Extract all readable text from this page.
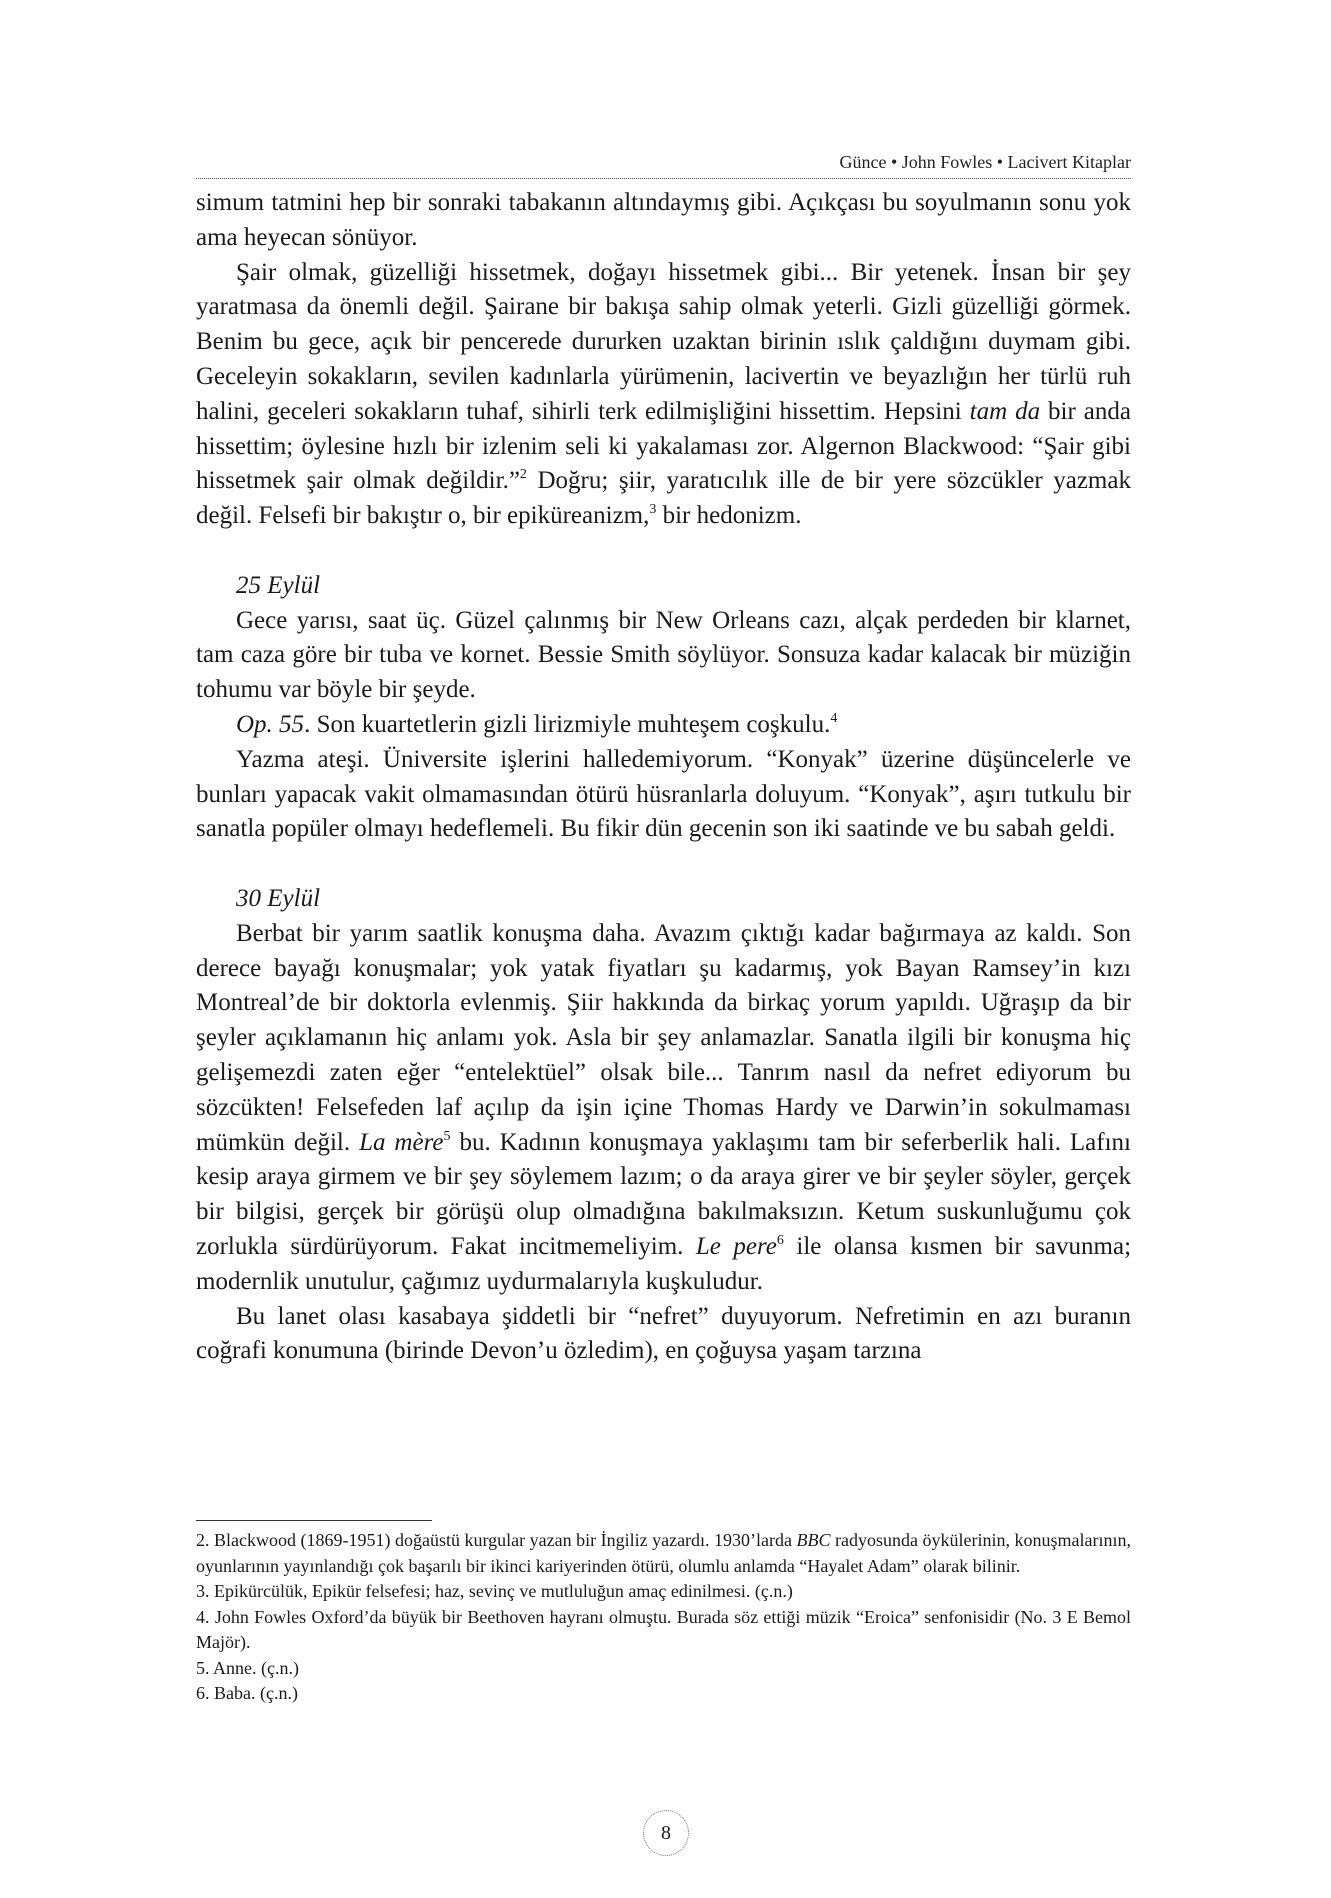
Günce • John Fowles • Lacivert Kitaplar

simum tatmini hep bir sonraki tabakanın altındaymış gibi. Açıkçası bu soyulmanın sonu yok ama heyecan sönüyor.

Şair olmak, güzelliği hissetmek, doğayı hissetmek gibi... Bir yetenek. İnsan bir şey yaratmasa da önemli değil. Şairane bir bakışa sahip olmak yeterli. Gizli güzelliği görmek. Benim bu gece, açık bir pencerede dururken uzaktan birinin ıslık çaldığını duymam gibi. Geceleyin sokakların, sevilen kadınlarla yürümenin, lacivertin ve beyazlığın her türlü ruh halini, geceleri sokakların tuhaf, sihirli terk edilmişliğini hissettim. Hepsini tam da bir anda hissettim; öylesine hızlı bir izlenim seli ki yakalaması zor. Algernon Blackwood: “Şair gibi hissetmek şair olmak değildir.”$^2$ Doğru; şiir, yaratıcılık ille de bir yere sözcükler yazmak değil. Felsefi bir bakıştır o, bir epiküreanizm,$^3$ bir hedonizm.

25 Eylül

Gece yarısı, saat üç. Güzel çalınmış bir New Orleans cazı, alçak perdeden bir klarnet, tam caza göre bir tuba ve kornet. Bessie Smith söylüyor. Sonsuza kadar kalacak bir müziğin tohumu var böyle bir şeyde.

Op. 55. Son kuartetlerin gizli lirizmiyle muhteşem coşkulu.$^4$

Yazma ateşi. Üniversite işlerini halledemiyorum. “Konyak” üzerine düşüncelerle ve bunları yapacak vakit olmamasından ötürü hüsranlarla doluyum. “Konyak”, aşırı tutkulu bir sanatla popüler olmayı hedeflemeli. Bu fikir dün gecenin son iki saatinde ve bu sabah geldi.

30 Eylül

Berbat bir yarım saatlik konuşma daha. Avazım çıktığı kadar bağırmaya az kaldı. Son derece bayağı konuşmalar; yok yatak fiyatları şu kadarmış, yok Bayan Ramsey’in kızı Montreal’de bir doktorla evlenmiş. Şiir hakkında da birkaç yorum yapıldı. Uğraşıp da bir şeyler açıklamanın hiç anlamı yok. Asla bir şey anlamazlar. Sanatla ilgili bir konuşma hiç gelişemezdi zaten eğer “entelektüel” olsak bile... Tanrım nasıl da nefret ediyorum bu sözcükten! Felsefeden laf açılıp da işin içine Thomas Hardy ve Darwin’in sokulmaması mümkün değil. La mère$^5$ bu. Kadının konuşmaya yaklaşımı tam bir seferberlik hali. Lafını kesip araya girmem ve bir şey söylemem lazım; o da araya girer ve bir şeyler söyler, gerçek bir bilgisi, gerçek bir görüşü olup olmadığına bakılmaksızın. Ketum suskunluğumu çok zorlukla sürdürüyorum. Fakat incitmemeliyim. Le pere$^6$ ile olansa kısmen bir savunma; modernlik unutulur, çağımız uydurmalarıyla kuşkuludur.

Bu lanet olası kasabaya şiddetli bir “nefret” duyuyorum. Nefretimin en azı buranın coğrafi konumuna (birinde Devon’u özledim), en çoğuysa yaşam tarzına

2. Blackwood (1869-1951) doğaüstü kurgular yazan bir İngiliz yazardı. 1930’larda BBC radyosunda öykülerinin, konuşmalarının, oyunlarının yayınlandığı çok başarılı bir ikinci kariyerinden ötürü, olumlu anlamda “Hayalet Adam” olarak bilinir.

3. Epikürcülük, Epikür felsefesi; haz, sevinç ve mutluluğun amaç edinilmesi. (ç.n.)

4. John Fowles Oxford’da büyük bir Beethoven hayranı olmuştu. Burada söz ettiği müzik “Eroica” senfonisidir (No. 3 E Bemol Majör).

5. Anne. (ç.n.)

6. Baba. (ç.n.)

8
